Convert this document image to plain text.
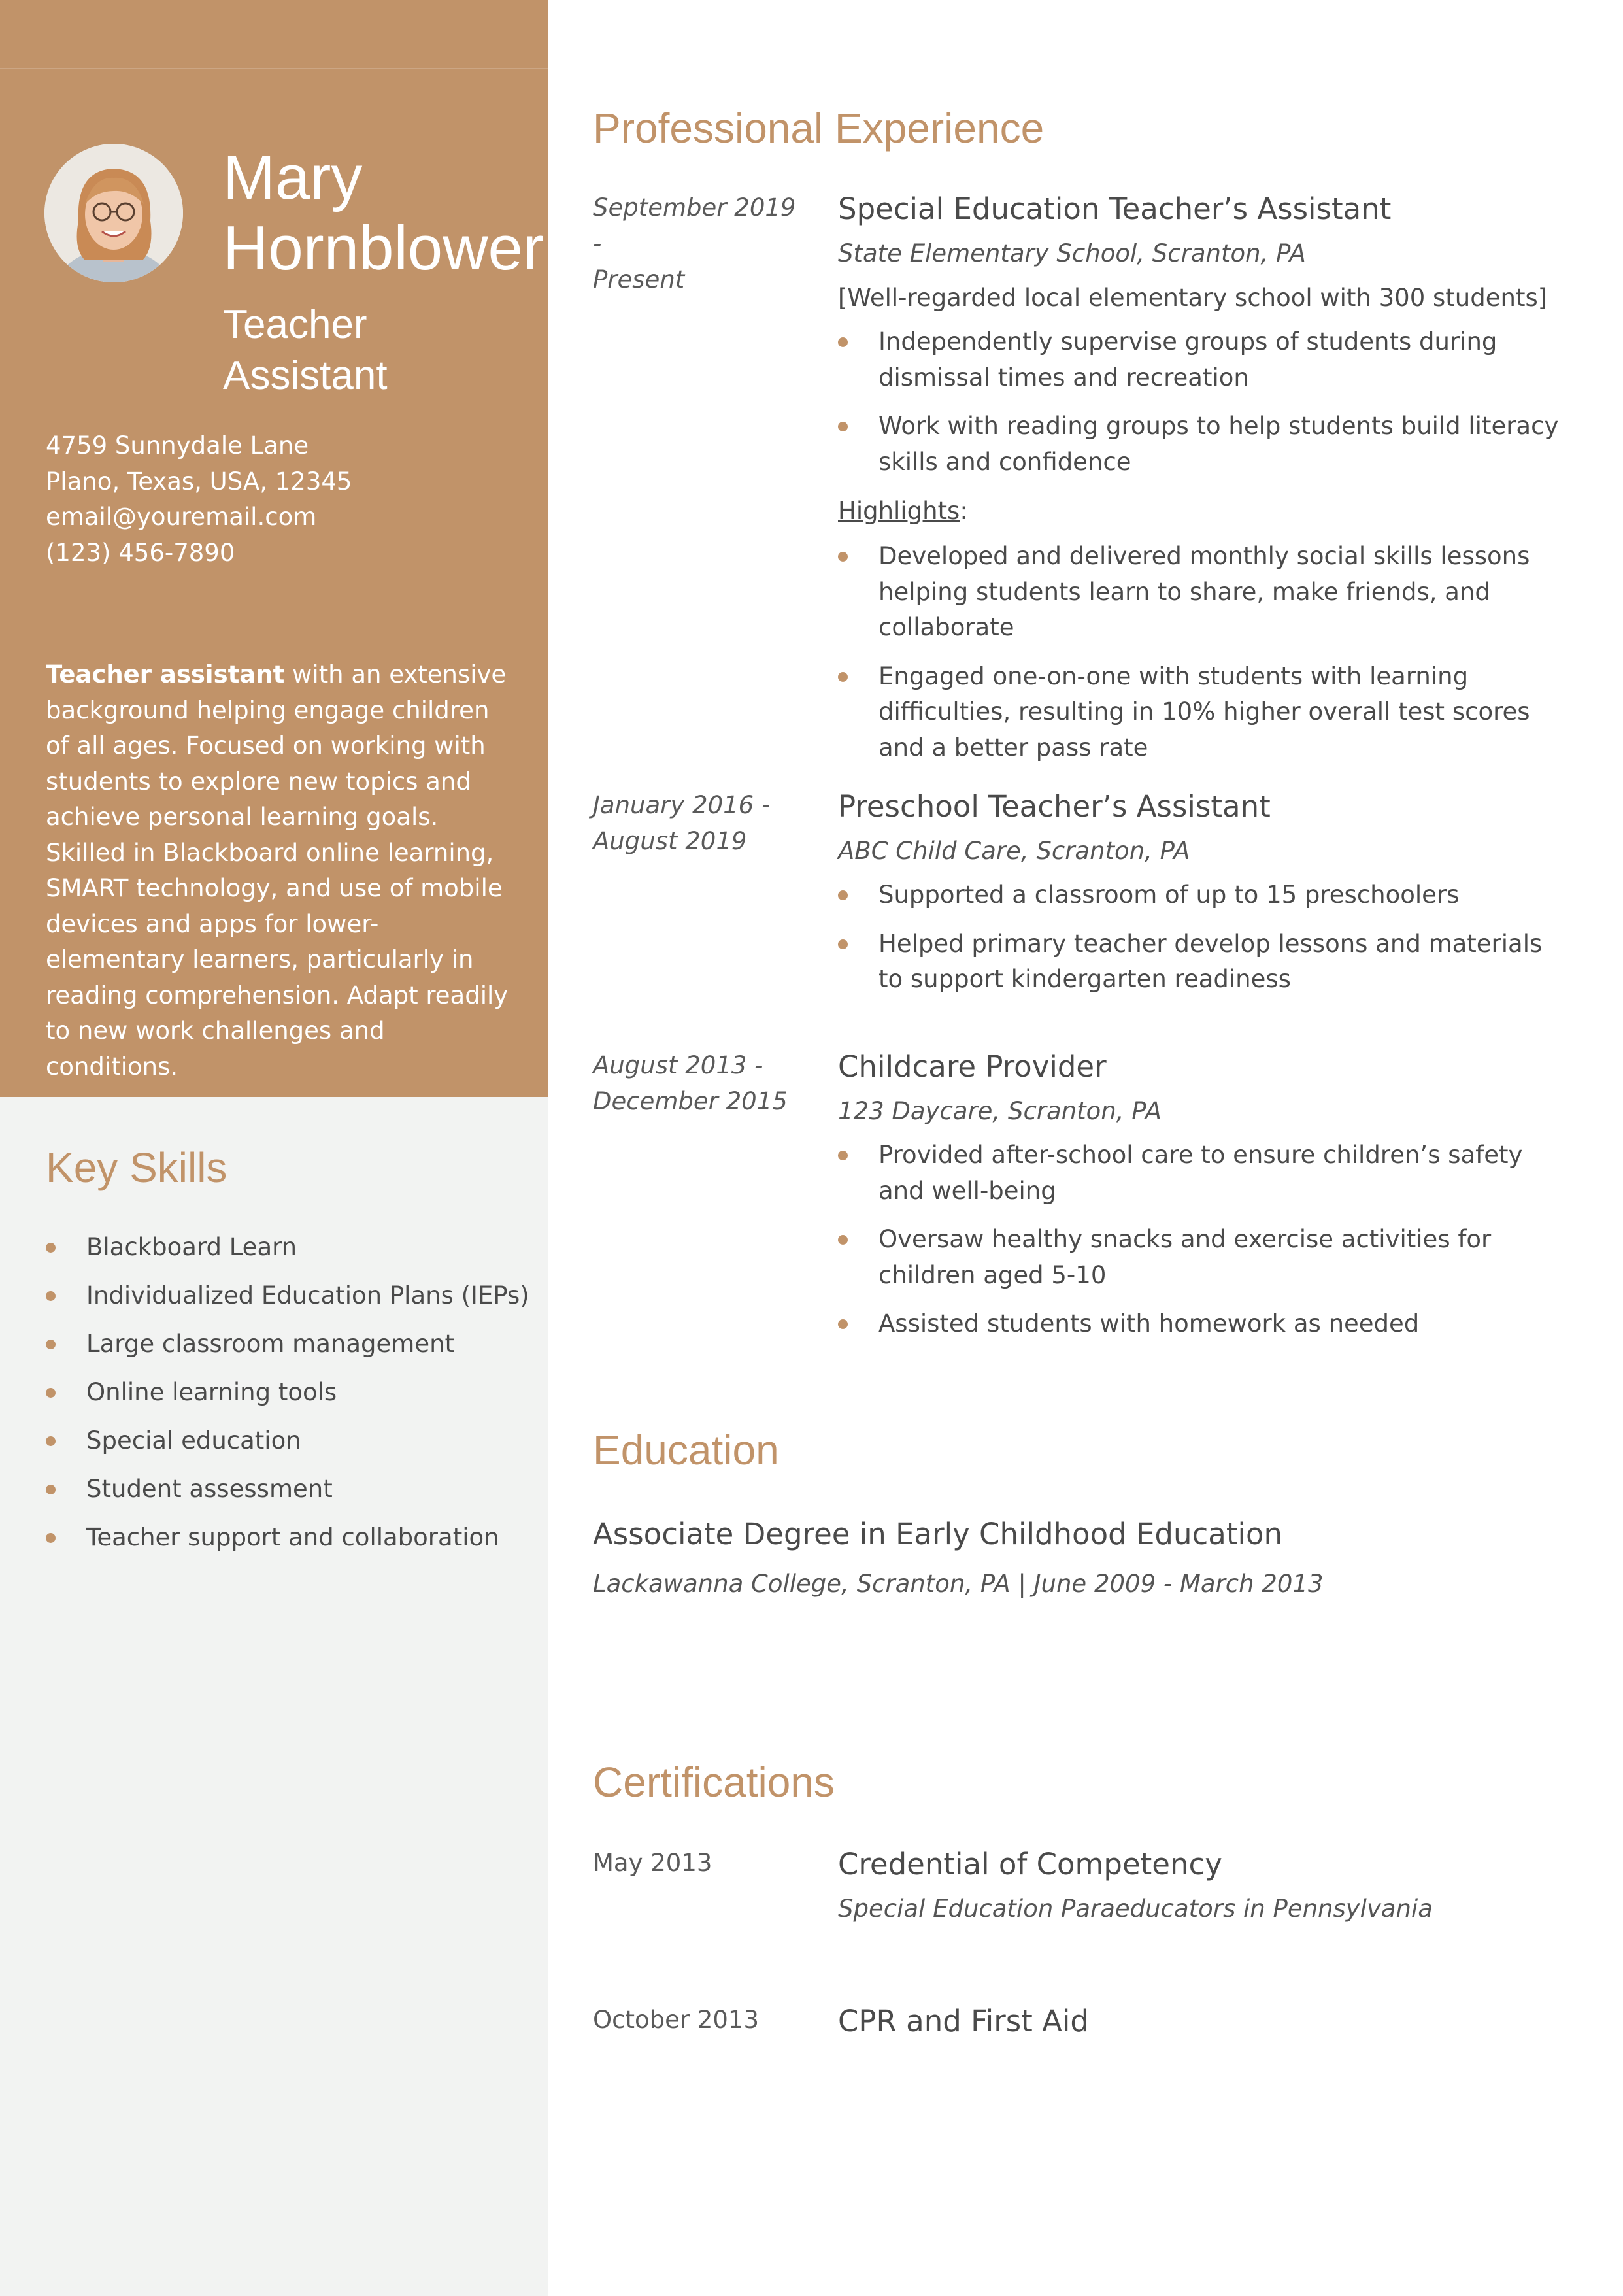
Mary
Hornblower
Teacher
Assistant
4759 Sunnydale Lane
Plano, Texas, USA, 12345
email@youremail.com
(123) 456-7890

Teacher assistant with an extensive background helping engage children of all ages. Focused on working with students to explore new topics and achieve personal learning goals. Skilled in Blackboard online learning, SMART technology, and use of mobile devices and apps for lower-elementary learners, particularly in reading comprehension. Adapt readily to new work challenges and conditions.

Key Skills
Blackboard Learn
Individualized Education Plans (IEPs)
Large classroom management
Online learning tools
Special education
Student assessment
Teacher support and collaboration
Professional Experience
September 2019 -
Present
Special Education Teacher’s Assistant
State Elementary School, Scranton, PA
[Well-regarded local elementary school with 300 students]
Independently supervise groups of students during dismissal times and recreation
Work with reading groups to help students build literacy skills and confidence
Highlights:
Developed and delivered monthly social skills lessons helping students learn to share, make friends, and collaborate
Engaged one-on-one with students with learning difficulties, resulting in 10% higher overall test scores and a better pass rate
January 2016 -
August 2019
Preschool Teacher’s Assistant
ABC Child Care, Scranton, PA
Supported a classroom of up to 15 preschoolers
Helped primary teacher develop lessons and materials to support kindergarten readiness
August 2013 -
December 2015
Childcare Provider
123 Daycare, Scranton, PA
Provided after-school care to ensure children’s safety and well-being
Oversaw healthy snacks and exercise activities for children aged 5-10
Assisted students with homework as needed
Education
Associate Degree in Early Childhood Education

Lackawanna College, Scranton, PA | June 2009 - March 2013

Certifications
May 2013	Credential of Competency
Special Education Paraeducators in Pennsylvania
October 2013	CPR and First Aid
